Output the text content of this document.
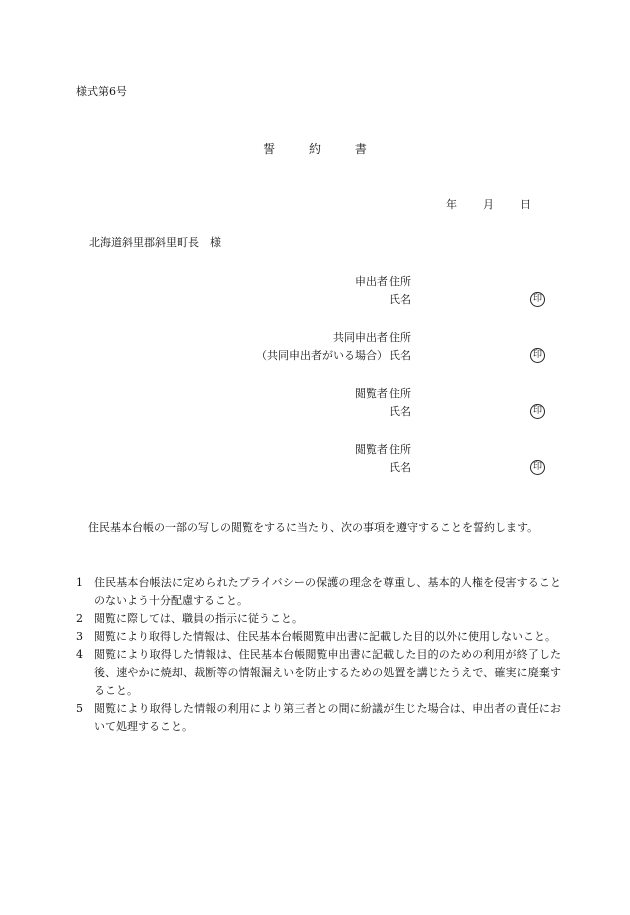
様式第6号
誓	約	書
年 月 日
北海道斜里郡斜里町長　様
申出者 住所
氏名	印
共同申出者 住所
（共同申出者がいる場合） 氏名	印
閲覧者 住所
氏名	印
閲覧者 住所
氏名	印
住民基本台帳の一部の写しの閲覧をするに当たり、次の事項を遵守することを誓約します。
1	住民基本台帳法に定められたプライバシーの保護の理念を尊重し、基本的人権を侵害することのないよう十分配慮すること。
2	閲覧に際しては、職員の指示に従うこと。
3	閲覧により取得した情報は、住民基本台帳閲覧申出書に記載した目的以外に使用しないこと。
4	閲覧により取得した情報は、住民基本台帳閲覧申出書に記載した目的のための利用が終了した後、速やかに焼却、裁断等の情報漏えいを防止するための処置を講じたうえで、確実に廃棄すること。
5	閲覧により取得した情報の利用により第三者との間に紛議が生じた場合は、申出者の責任において処理すること。
